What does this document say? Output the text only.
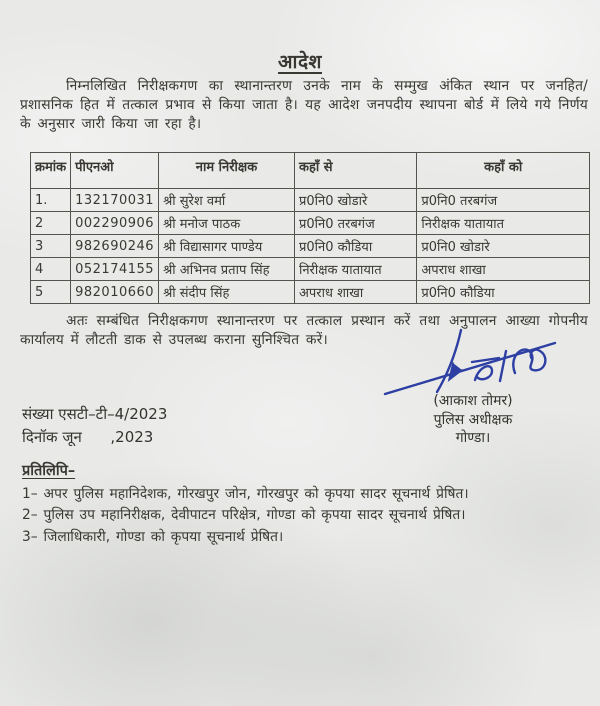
आदेश

निम्नलिखित निरीक्षकगण का स्थानान्तरण उनके नाम के सम्मुख अंकित स्थान पर जनहित/प्रशासनिक हित में तत्काल प्रभाव से किया जाता है। यह आदेश जनपदीय स्थापना बोर्ड में लिये गये निर्णय के अनुसार जारी किया जा रहा है।

क्रमांक	पीएनओ	नाम निरीक्षक	कहाँ से	कहाँ को
1.	132170031	श्री सुरेश वर्मा	प्र0नि0 खोडारे	प्र0नि0 तरबगंज
2	002290906	श्री मनोज पाठक	प्र0नि0 तरबगंज	निरीक्षक यातायात
3	982690246	श्री विद्यासागर पाण्डेय	प्र0नि0 कौडिया	प्र0नि0 खोडारे
4	052174155	श्री अभिनव प्रताप सिंह	निरीक्षक यातायात	अपराध शाखा
5	982010660	श्री संदीप सिंह	अपराध शाखा	प्र0नि0 कौडिया

अतः सम्बंधित निरीक्षकगण स्थानान्तरण पर तत्काल प्रस्थान करें तथा अनुपालन आख्या गोपनीय कार्यालय में लौटती डाक से उपलब्ध कराना सुनिश्चित करें।

(आकाश तोमर)
पुलिस अधीक्षक
गोण्डा।
संख्या एसटी–टी–4/2023
दिनॉक जून      ,2023
प्रतिलिपि–
1– अपर पुलिस महानिदेशक, गोरखपुर जोन, गोरखपुर को कृपया सादर सूचनार्थ प्रेषित।
2– पुलिस उप महानिरीक्षक, देवीपाटन परिक्षेत्र, गोण्डा को कृपया सादर सूचनार्थ प्रेषित।
3– जिलाधिकारी, गोण्डा को कृपया सूचनार्थ प्रेषित।
